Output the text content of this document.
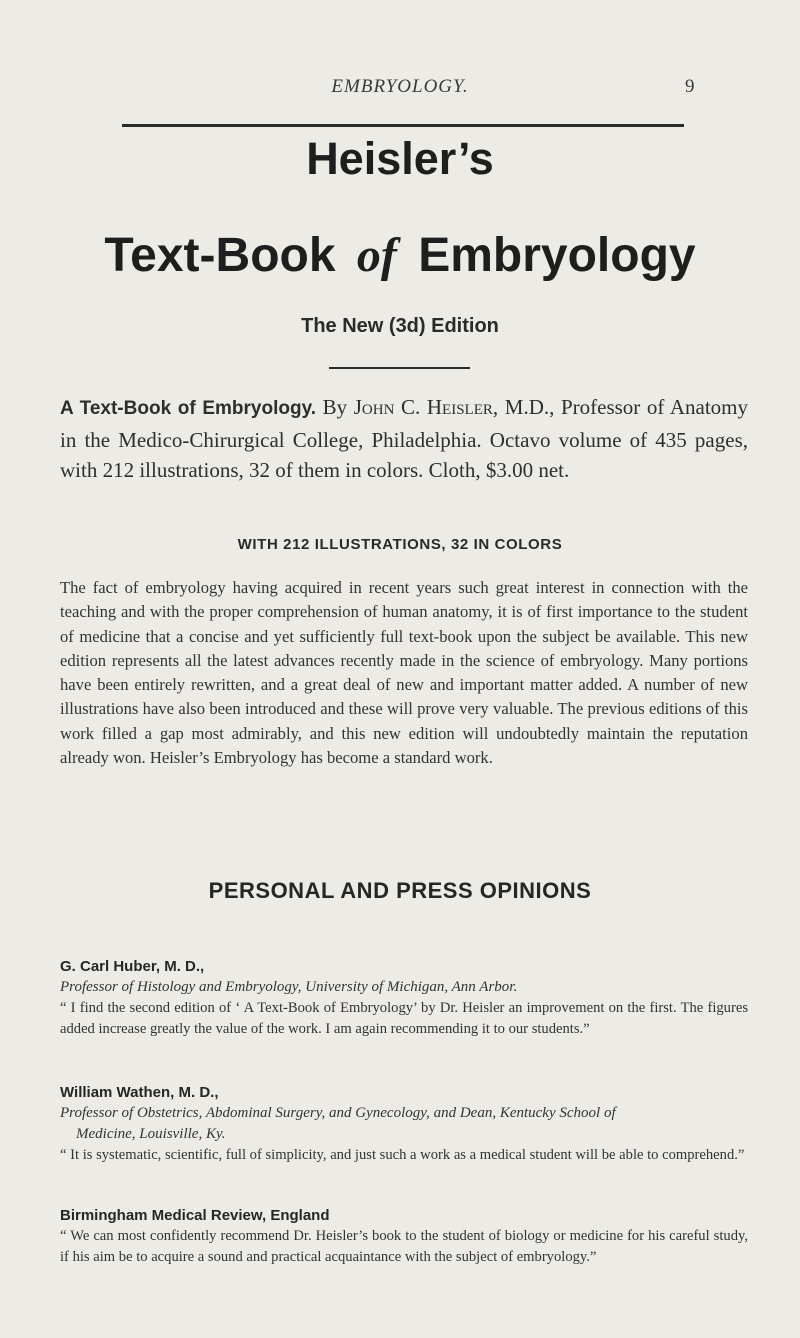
EMBRYOLOGY.	9
Heisler’s
Text-Book of Embryology
The New (3d) Edition
A Text-Book of Embryology. By John C. Heisler, M.D., Professor of Anatomy in the Medico-Chirurgical College, Philadelphia. Octavo volume of 435 pages, with 212 illustrations, 32 of them in colors. Cloth, $3.00 net.
WITH 212 ILLUSTRATIONS, 32 IN COLORS
The fact of embryology having acquired in recent years such great interest in connection with the teaching and with the proper comprehension of human anatomy, it is of first importance to the student of medicine that a concise and yet sufficiently full text-book upon the subject be available. This new edition represents all the latest advances recently made in the science of embryology. Many portions have been entirely rewritten, and a great deal of new and important matter added. A number of new illustrations have also been introduced and these will prove very valuable. The previous editions of this work filled a gap most admirably, and this new edition will undoubtedly maintain the reputation already won. Heisler’s Embryology has become a standard work.
PERSONAL AND PRESS OPINIONS
G. Carl Huber, M. D.,
Professor of Histology and Embryology, University of Michigan, Ann Arbor.
“ I find the second edition of ‘ A Text-Book of Embryology’ by Dr. Heisler an improvement on the first. The figures added increase greatly the value of the work. I am again recommending it to our students.”
William Wathen, M. D.,
Professor of Obstetrics, Abdominal Surgery, and Gynecology, and Dean, Kentucky School of
Medicine, Louisville, Ky.
“ It is systematic, scientific, full of simplicity, and just such a work as a medical student will be able to comprehend.”
Birmingham Medical Review, England
“ We can most confidently recommend Dr. Heisler’s book to the student of biology or medicine for his careful study, if his aim be to acquire a sound and practical acquaintance with the subject of embryology.”
